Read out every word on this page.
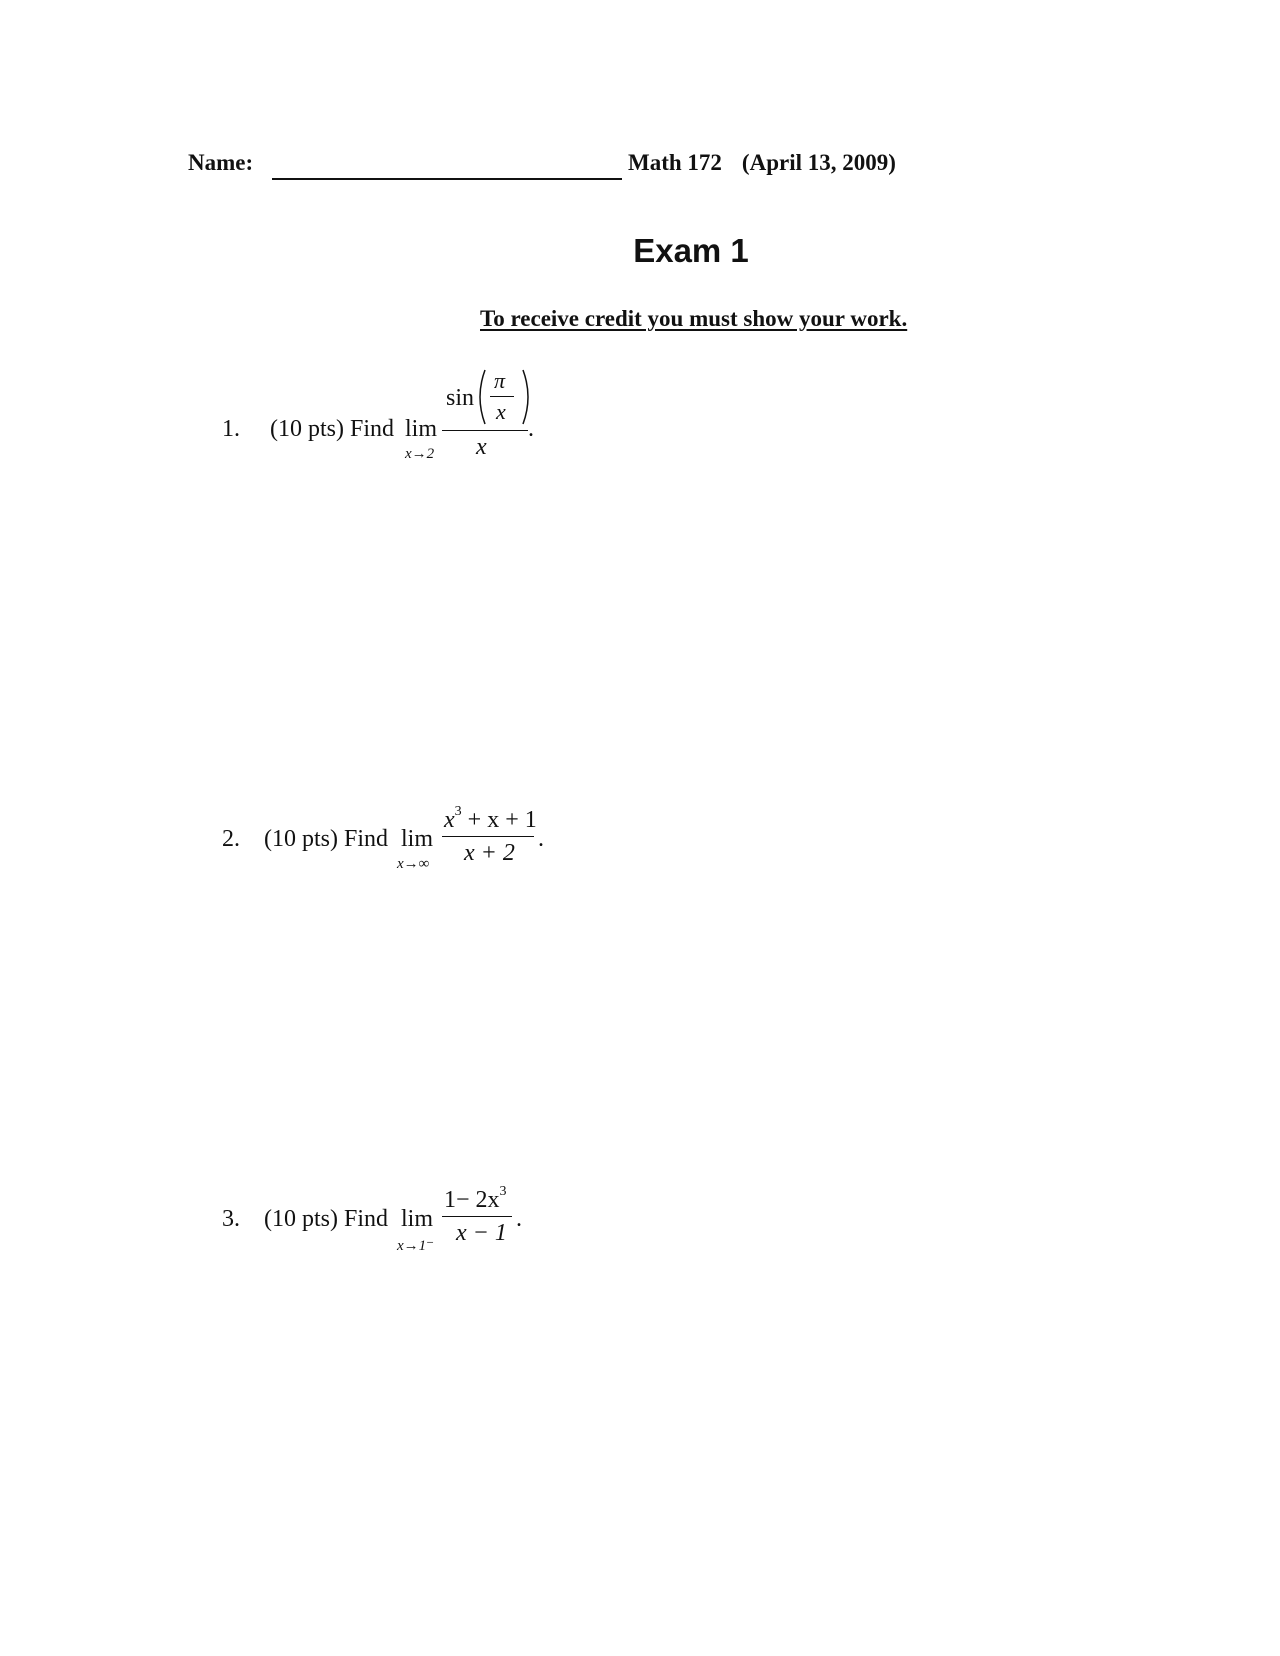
Name:	Math 172 (April 13, 2009)
Exam 1
To receive credit you must show your work.
1. (10 pts) Find lim
x→2
sin
π
x
x
.
2. (10 pts) Find lim
x→∞
$x^3 + x + 1$
x + 2
.
3. (10 pts) Find lim
x→1⁻
$1- 2x^3$
x − 1
.
